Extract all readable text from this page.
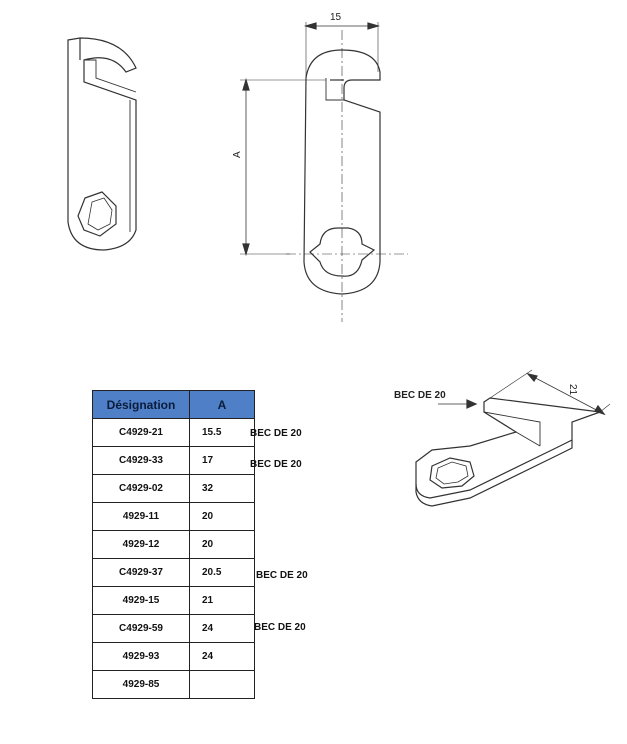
15
A
21
BEC DE 20
Désignation	A
C4929-21	15.5
C4929-33	17
C4929-02	32
4929-11	20
4929-12	20
C4929-37	20.5
4929-15	21
C4929-59	24
4929-93	24
4929-85	
BEC DE 20
BEC DE 20
BEC DE 20
BEC DE 20
